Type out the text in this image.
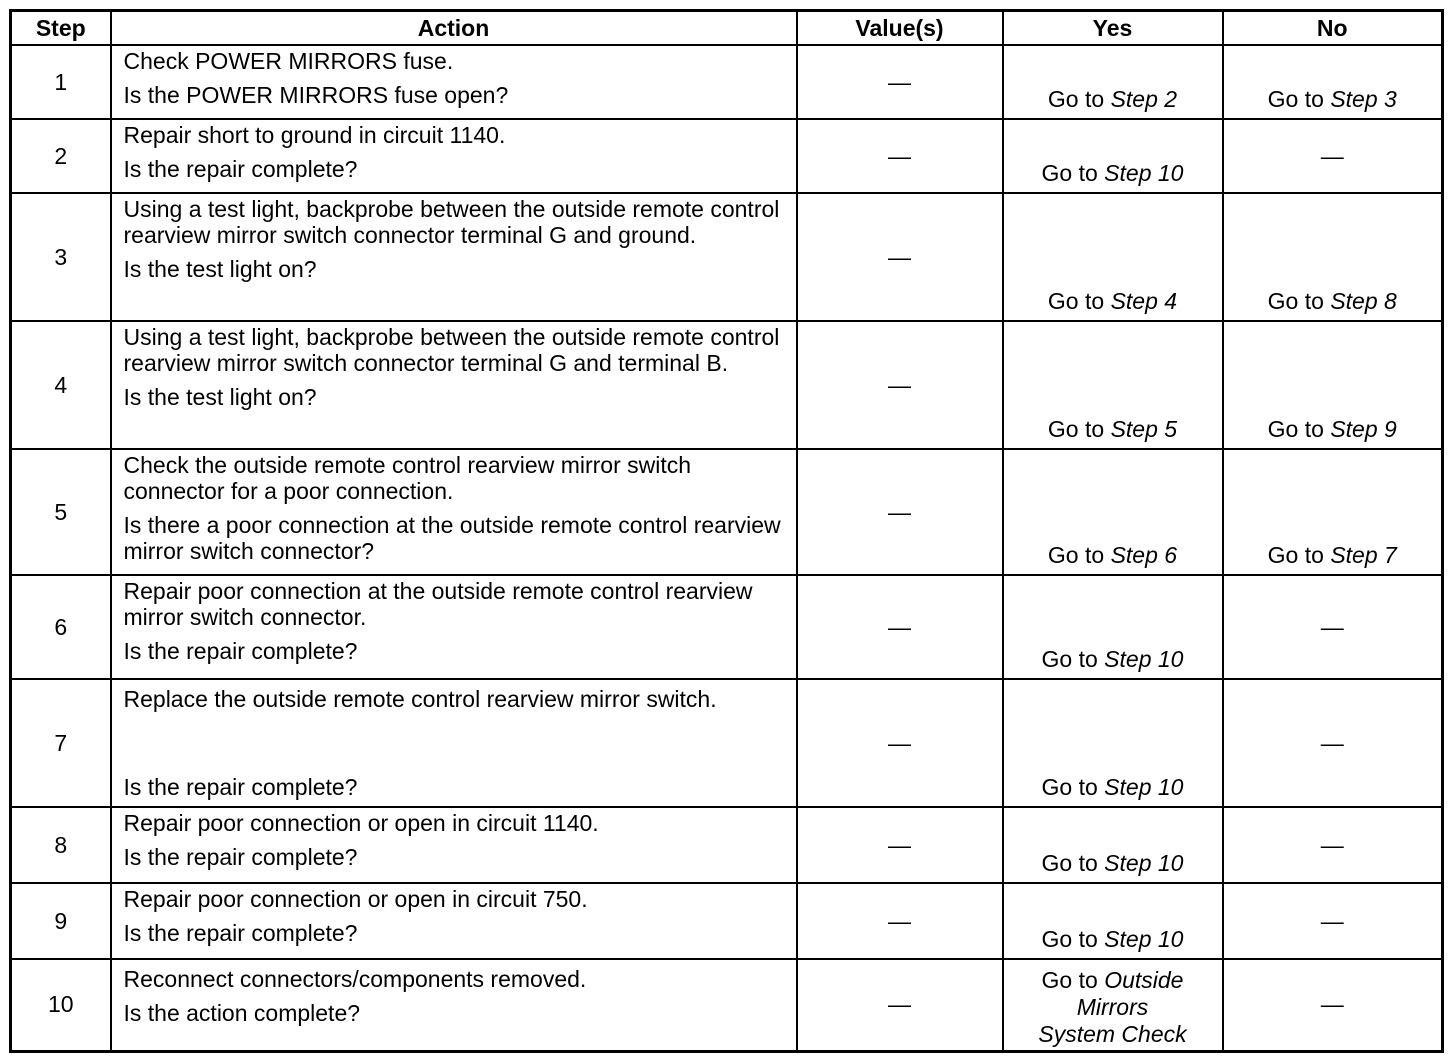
Step	Action	Value(s)	Yes	No
1	Check POWER MIRRORS fuse.
Is the POWER MIRRORS fuse open?	—	Go to Step 2	Go to Step 3
2	Repair short to ground in circuit 1140.
Is the repair complete?	—	Go to Step 10	—
3	Using a test light, backprobe between the outside remote control rearview mirror switch connector terminal G and ground.
Is the test light on?	—	Go to Step 4	Go to Step 8
4	Using a test light, backprobe between the outside remote control rearview mirror switch connector terminal G and terminal B.
Is the test light on?	—	Go to Step 5	Go to Step 9
5	Check the outside remote control rearview mirror switch connector for a poor connection.
Is there a poor connection at the outside remote control rearview mirror switch connector?	—	Go to Step 6	Go to Step 7
6	Repair poor connection at the outside remote control rearview mirror switch connector.
Is the repair complete?	—	Go to Step 10	—
7	Replace the outside remote control rearview mirror switch.
Is the repair complete?	—	Go to Step 10	—
8	Repair poor connection or open in circuit 1140.
Is the repair complete?	—	Go to Step 10	—
9	Repair poor connection or open in circuit 750.
Is the repair complete?	—	Go to Step 10	—
10	Reconnect connectors/components removed.
Is the action complete?	—	Go to Outside Mirrors System Check	—
